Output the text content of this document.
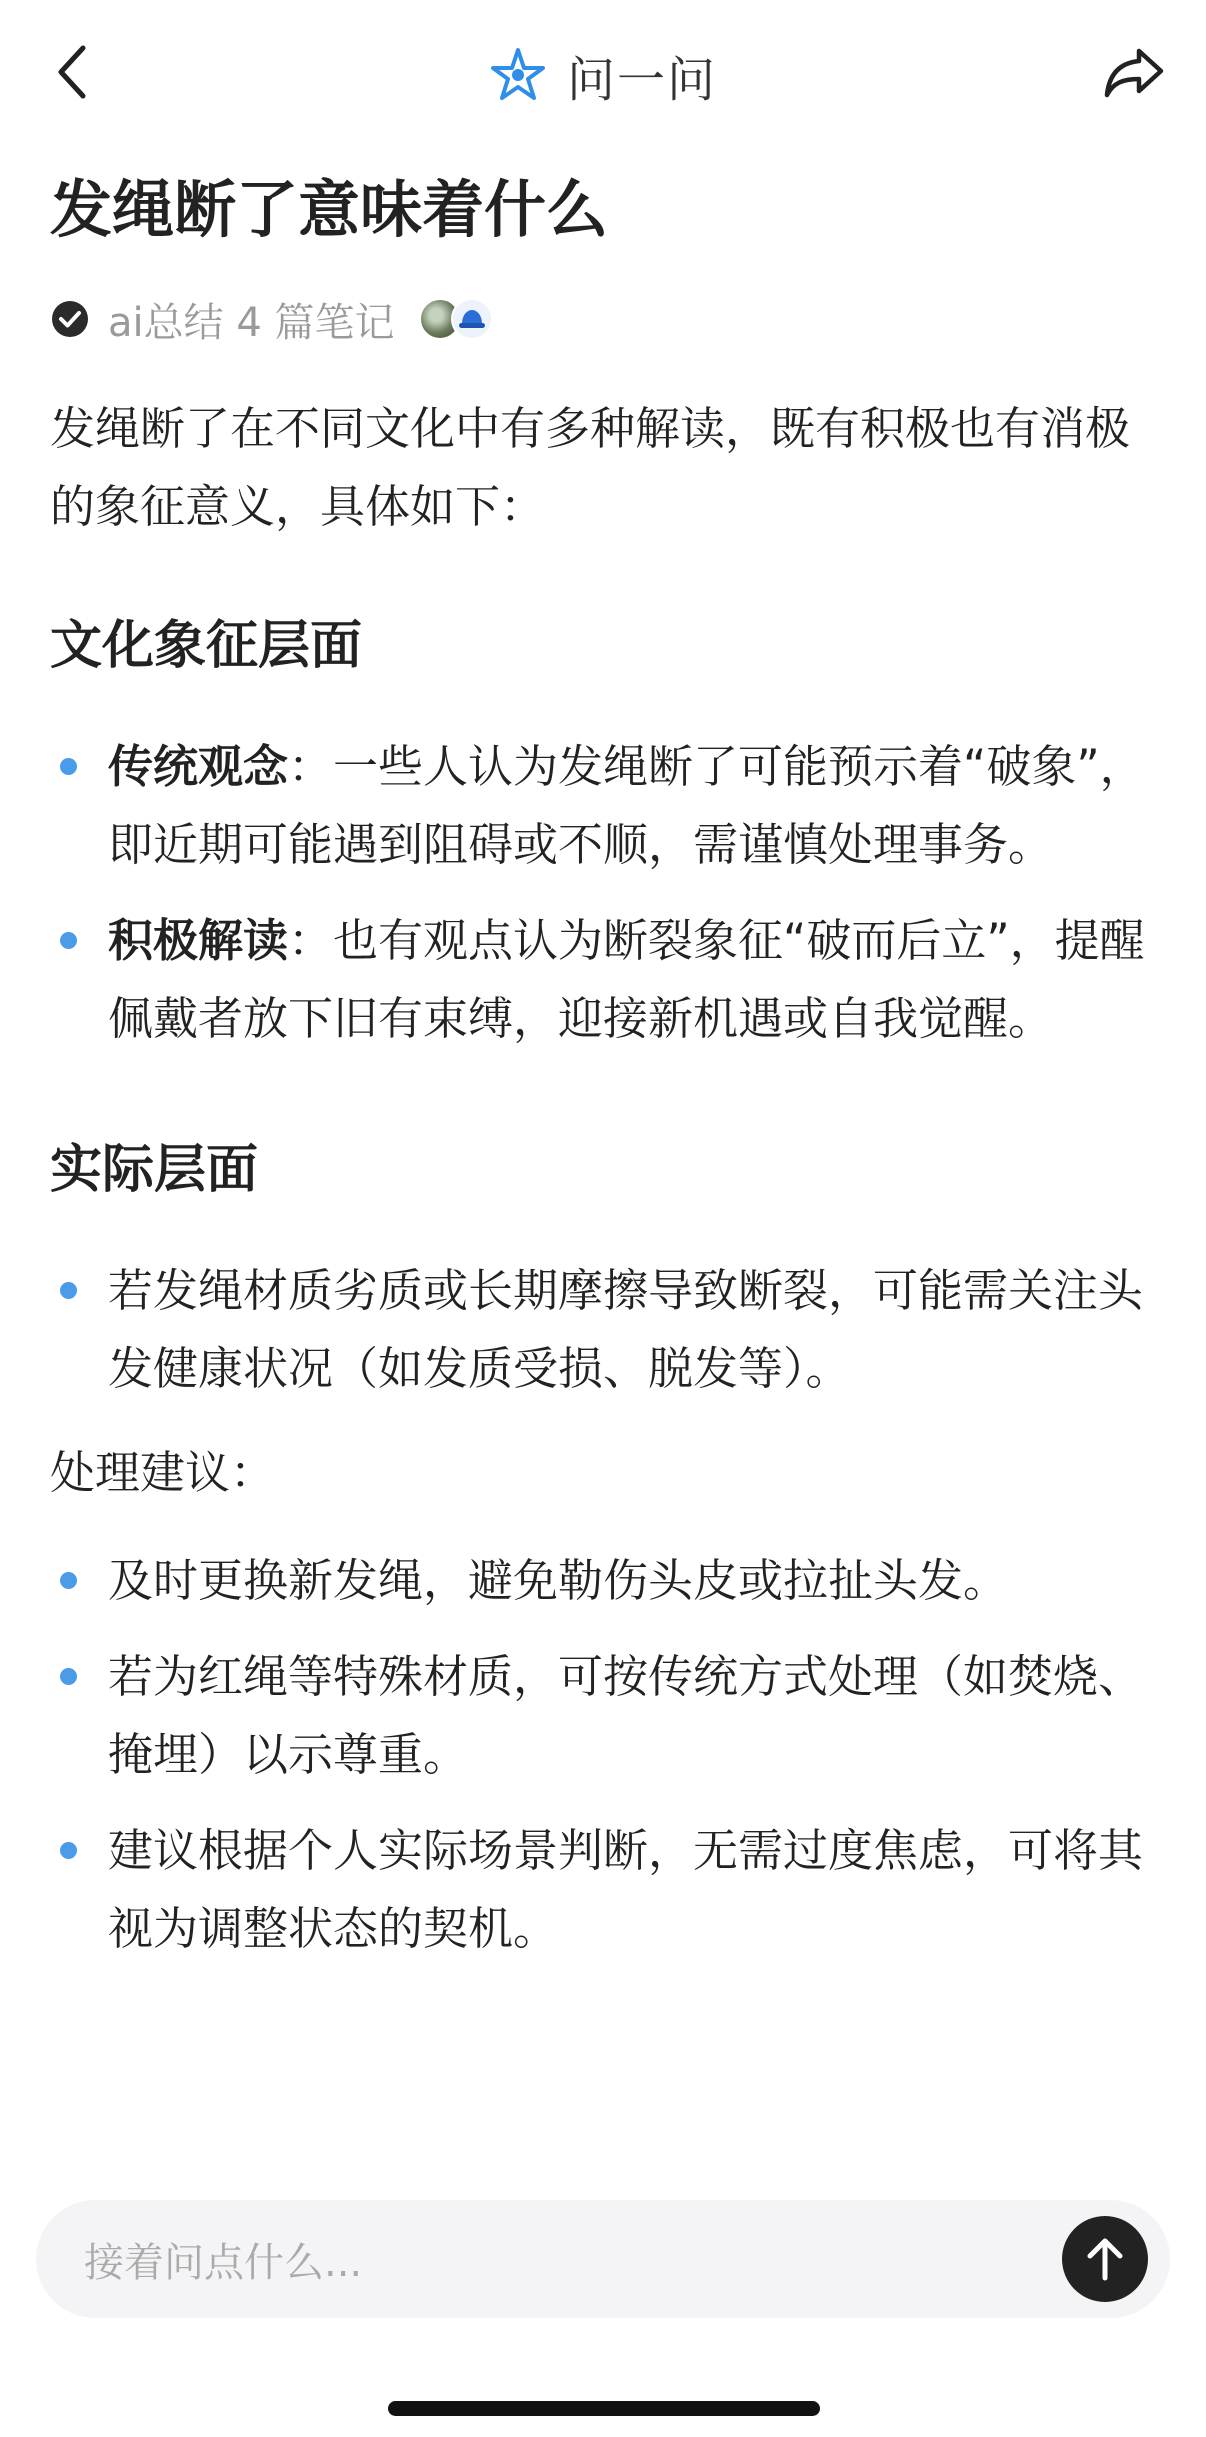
问一问
发绳断了意味着什么
ai总结 4 篇笔记

发绳断了在不同文化中有多种解读，既有积极也有消极的象征意义，具体如下：

文化象征层面
传统观念：一些人认为发绳断了可能预示着“破象”，即近期可能遇到阻碍或不顺，需谨慎处理事务。
积极解读：也有观点认为断裂象征“破而后立”，提醒佩戴者放下旧有束缚，迎接新机遇或自我觉醒。
实际层面
若发绳材质劣质或长期摩擦导致断裂，可能需关注头发健康状况（如发质受损、脱发等）。

处理建议：

及时更换新发绳，避免勒伤头皮或拉扯头发。
若为红绳等特殊材质，可按传统方式处理（如焚烧、掩埋）以示尊重。
建议根据个人实际场景判断，无需过度焦虑，可将其视为调整状态的契机。
接着问点什么...
